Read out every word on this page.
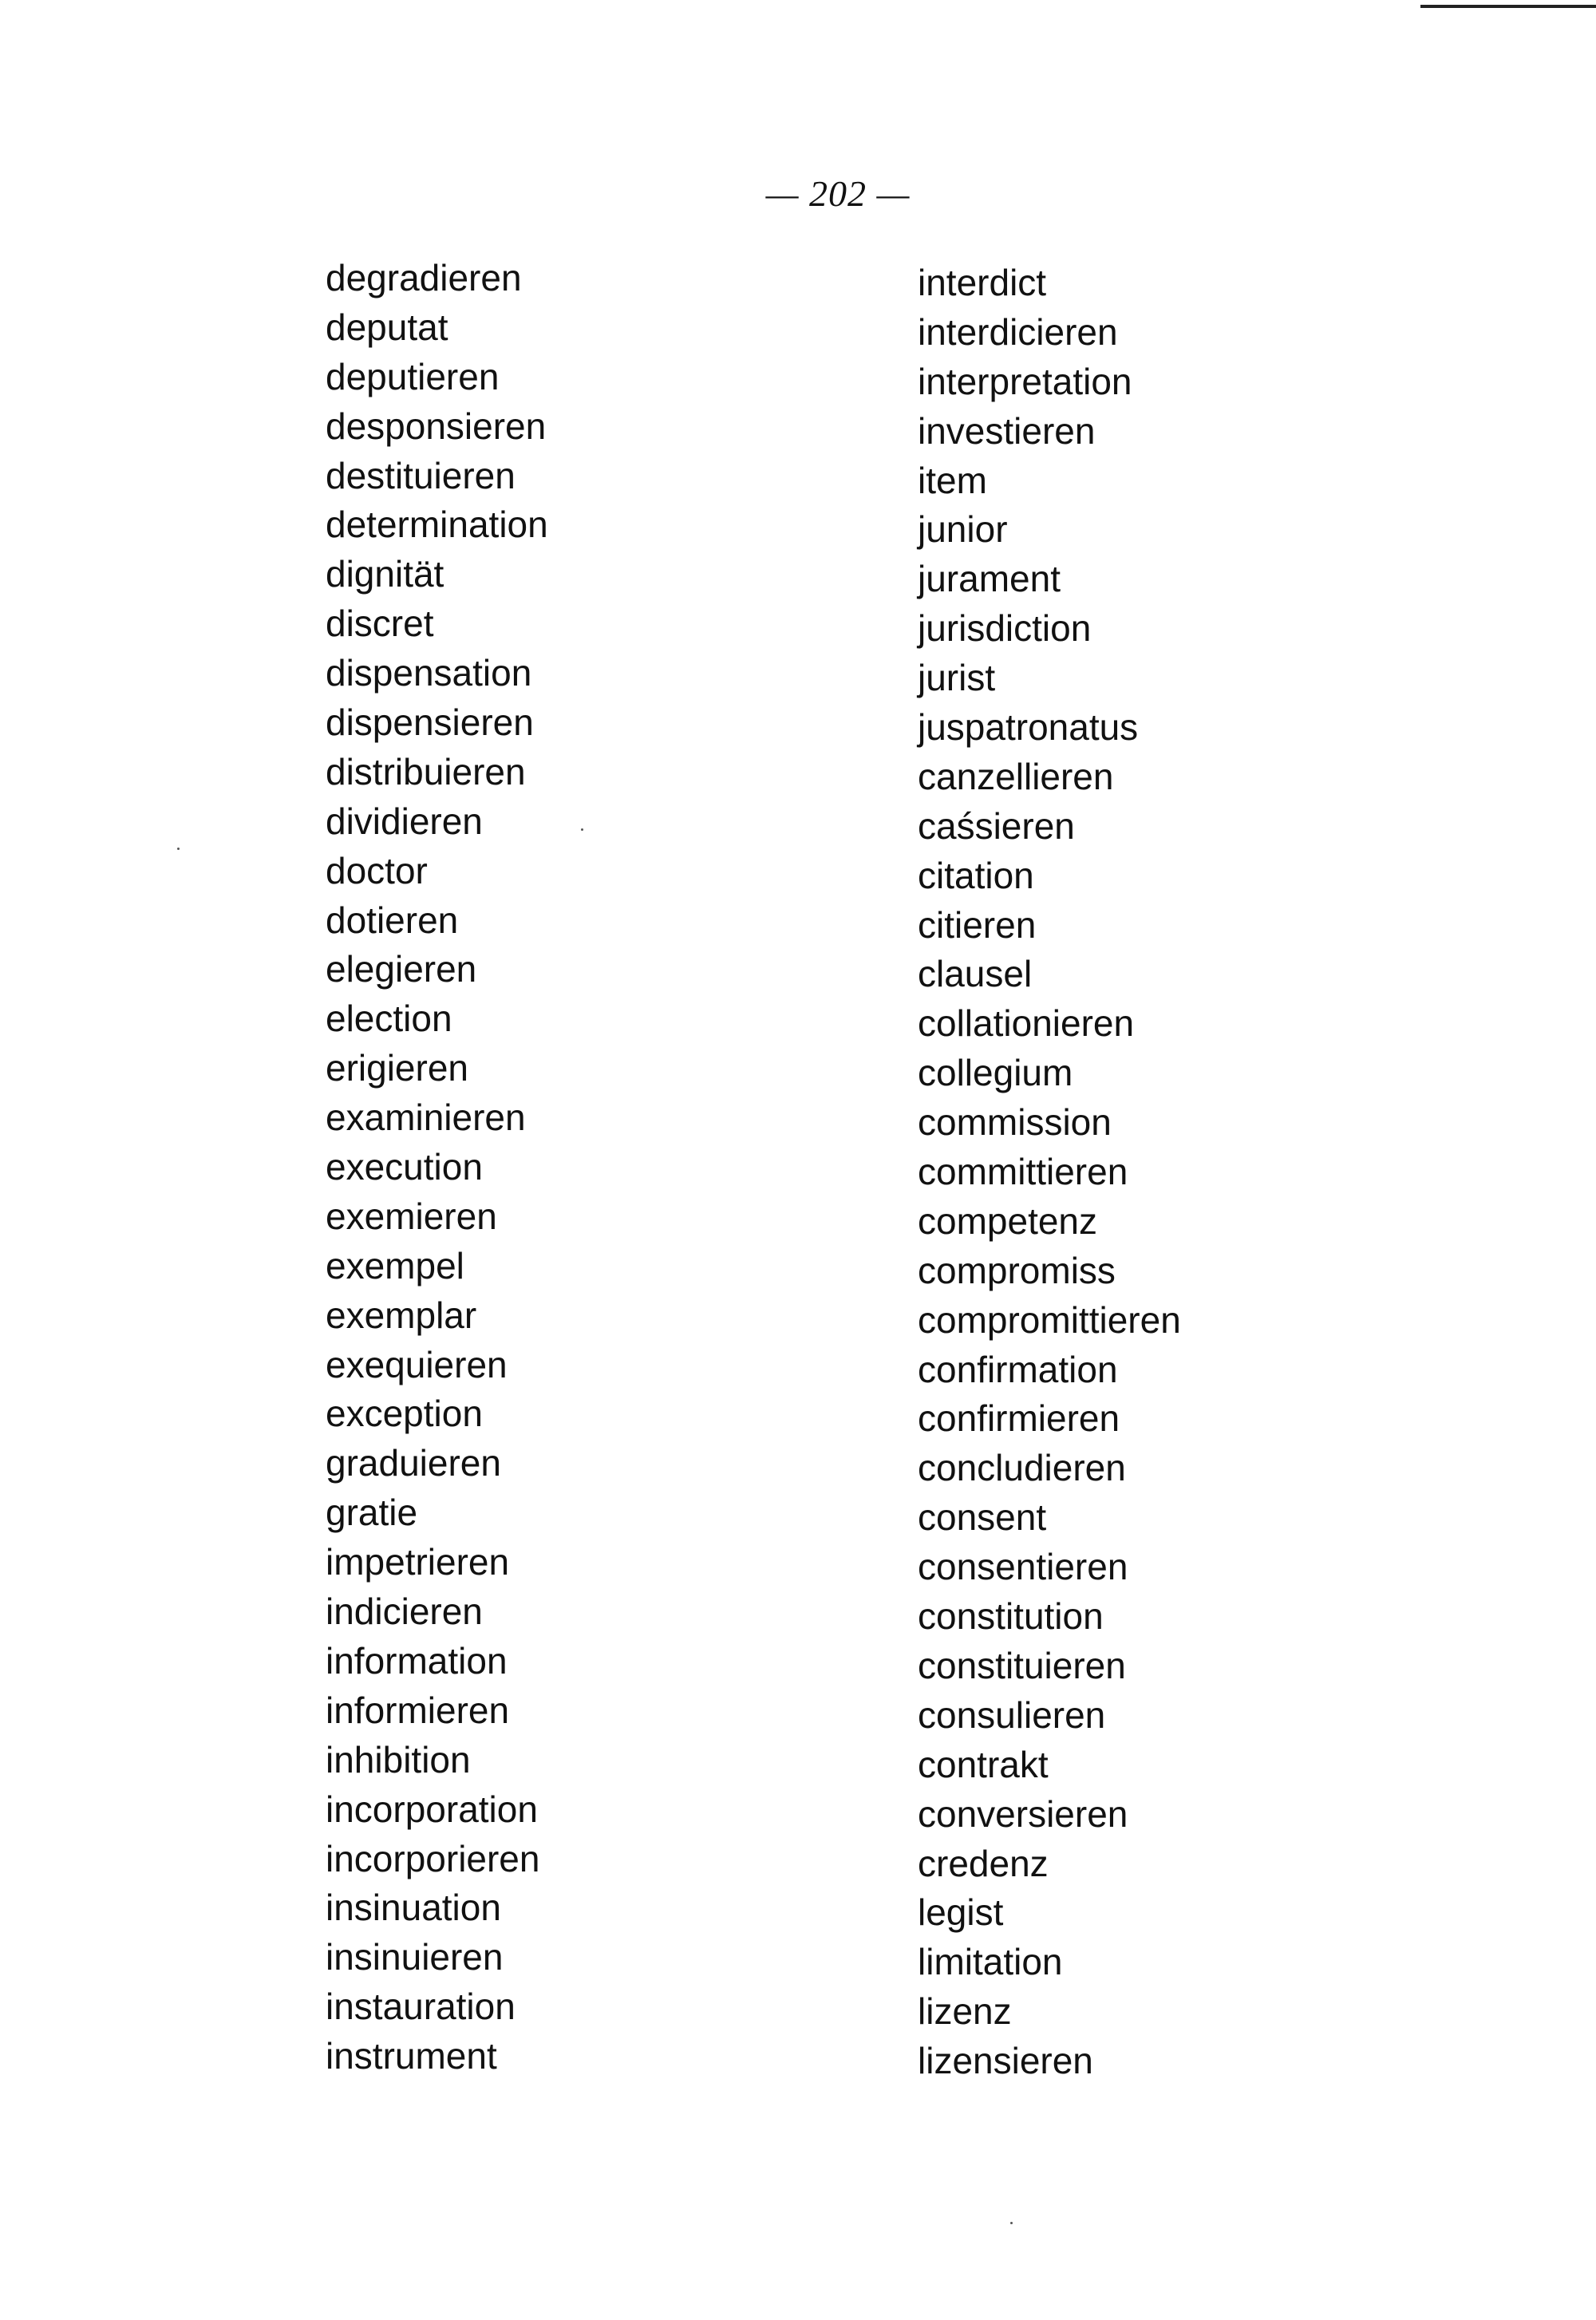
— 202 —
degradieren
deputat
deputieren
desponsieren
destituieren
determination
dignität
discret
dispensation
dispensieren
distribuieren
dividieren
doctor
dotieren
elegieren
election
erigieren
examinieren
execution
exemieren
exempel
exemplar
exequieren
exception
graduieren
gratie
impetrieren
indicieren
information
informieren
inhibition
incorporation
incorporieren
insinuation
insinuieren
instauration
instrument
interdict
interdicieren
interpretation
investieren
item
junior
jurament
jurisdiction
jurist
juspatronatus
canzellieren
caśsieren
citation
citieren
clausel
collationieren
collegium
commission
committieren
competenz
compromiss
compromittieren
confirmation
confirmieren
concludieren
consent
consentieren
constitution
constituieren
consulieren
contrakt
conversieren
credenz
legist
limitation
lizenz
lizensieren
